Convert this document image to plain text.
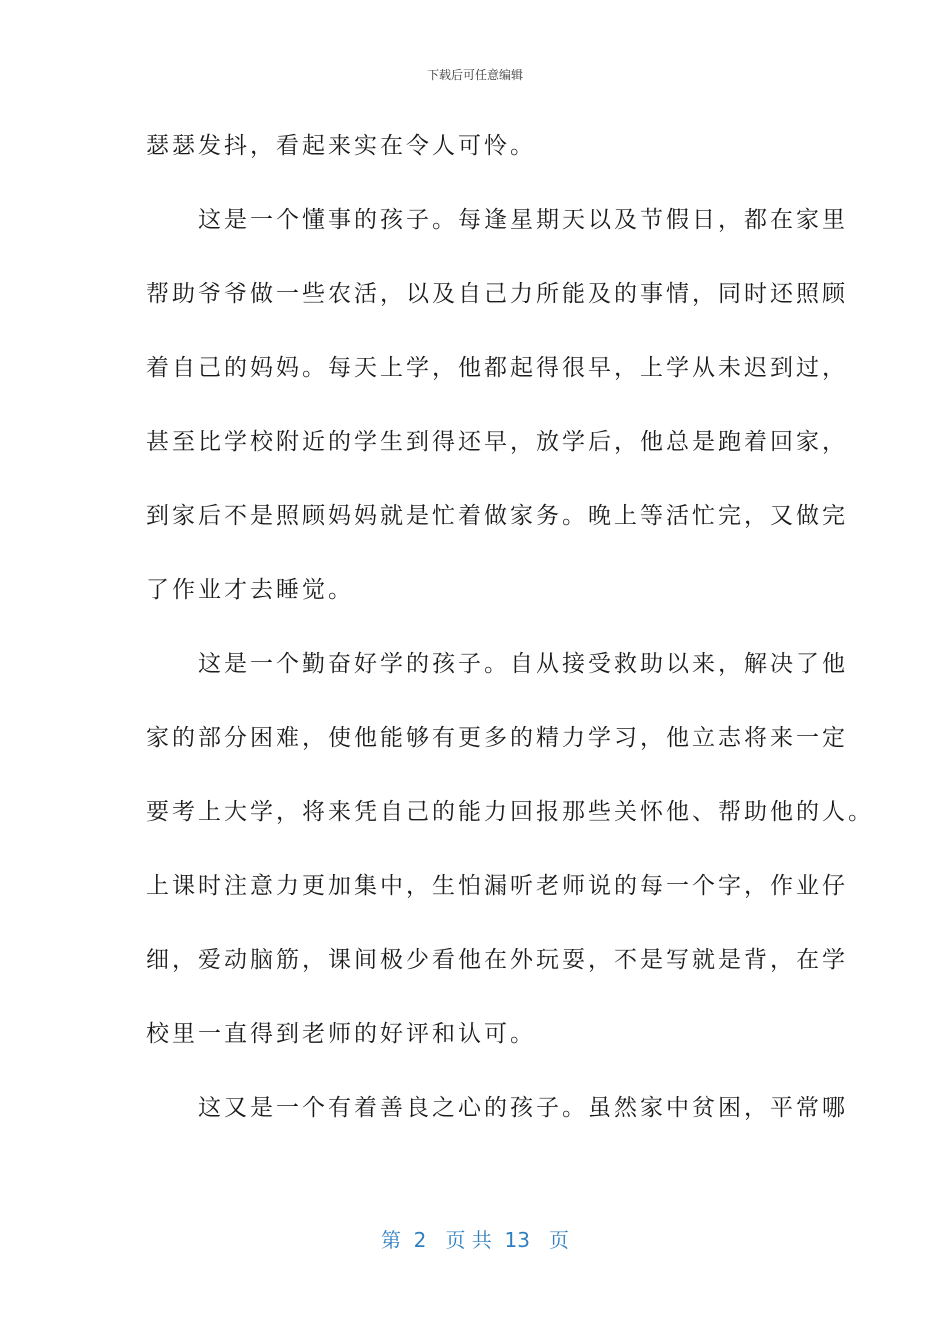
下载后可任意编辑
瑟瑟发抖，看起来实在令人可怜。
　　这是一个懂事的孩子。每逢星期天以及节假日，都在家里
帮助爷爷做一些农活，以及自己力所能及的事情，同时还照顾
着自己的妈妈。每天上学，他都起得很早，上学从未迟到过，
甚至比学校附近的学生到得还早，放学后，他总是跑着回家，
到家后不是照顾妈妈就是忙着做家务。晚上等活忙完，又做完
了作业才去睡觉。
　　这是一个勤奋好学的孩子。自从接受救助以来，解决了他
家的部分困难，使他能够有更多的精力学习，他立志将来一定
要考上大学，将来凭自己的能力回报那些关怀他、帮助他的人。
上课时注意力更加集中，生怕漏听老师说的每一个字，作业仔
细，爱动脑筋，课间极少看他在外玩耍，不是写就是背，在学
校里一直得到老师的好评和认可。
　　这又是一个有着善良之心的孩子。虽然家中贫困，平常哪
第  2   页 共  13   页
